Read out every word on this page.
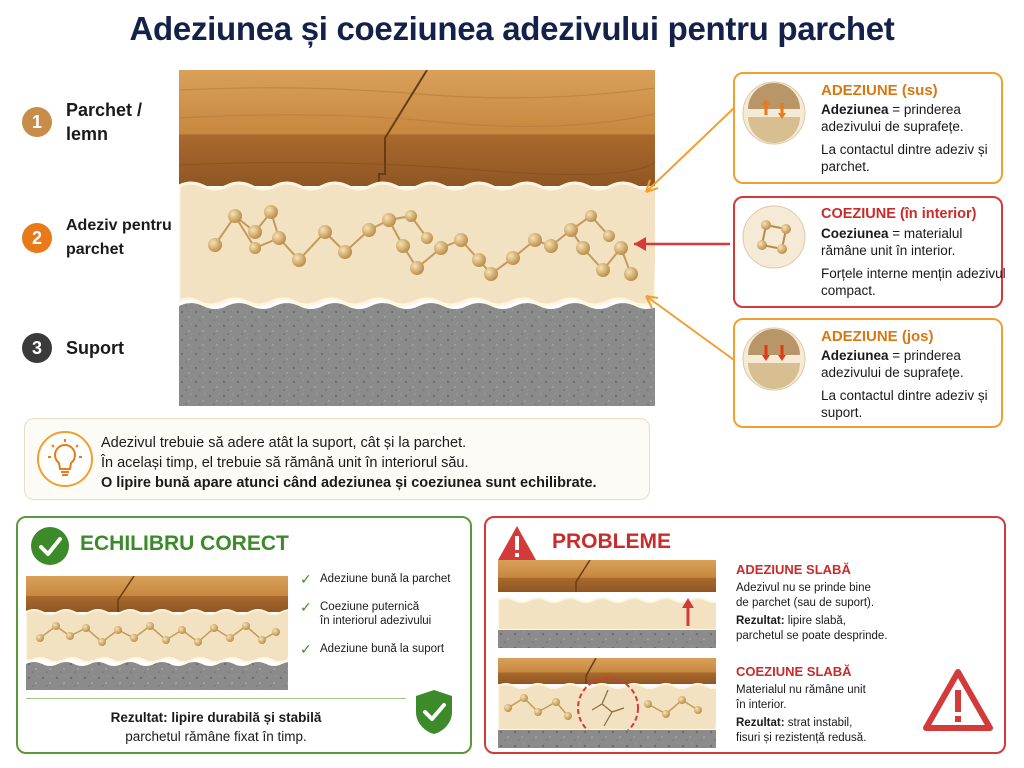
Adeziunea și coeziunea adezivului pentru parchet
1
Parchet /
lemn
2
Adeziv pentru
parchet
3	Suport
ADEZIUNE (sus)
Adeziunea = prinderea adezivului de suprafețe.
La contactul dintre adeziv și parchet.
COEZIUNE (în interior)
Coeziunea = materialul rămâne unit în interior.
Forțele interne mențin adezivul compact.
ADEZIUNE (jos)
Adeziunea = prinderea adezivului de suprafețe.
La contactul dintre adeziv și suport.
Adezivul trebuie să adere atât la suport, cât și la parchet.
În același timp, el trebuie să rămână unit în interiorul său.
O lipire bună apare atunci când adeziunea și coeziunea sunt echilibrate.
ECHILIBRU CORECT
✓ Adeziune bună la parchet
✓ Coeziune puternică
în interiorul adezivului
✓ Adeziune bună la suport
Rezultat: lipire durabilă și stabilă
parchetul rămâne fixat în timp.
PROBLEME
ADEZIUNE SLABĂ
Adezivul nu se prinde bine
de parchet (sau de suport).
Rezultat: lipire slabă,
parchetul se poate desprinde.
COEZIUNE SLABĂ
Materialul nu rămâne unit
în interior.
Rezultat: strat instabil,
fisuri și rezistență redusă.
